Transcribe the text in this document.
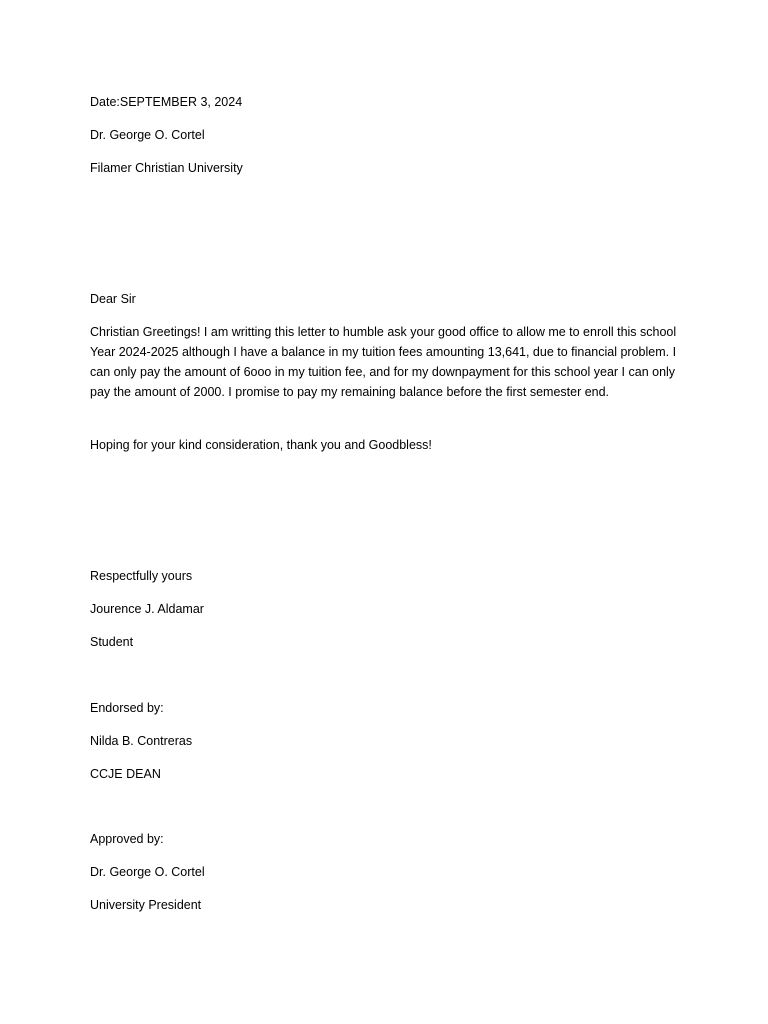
Date:SEPTEMBER 3, 2024

Dr. George O. Cortel

Filamer Christian University

Dear Sir

Christian Greetings! I am writting this letter to humble ask your good office to allow me to enroll this school Year 2024-2025 although I have a balance in my tuition fees amounting 13,641, due to financial problem. I can only pay the amount of 6ooo in my tuition fee, and for my downpayment for this school year I can only pay the amount of 2000. I promise to pay my remaining balance before the first semester end.

Hoping for your kind consideration, thank you and Goodbless!

Respectfully yours

Jourence J. Aldamar

Student

Endorsed by:

Nilda B. Contreras

CCJE DEAN

Approved by:

Dr. George O. Cortel

University President
